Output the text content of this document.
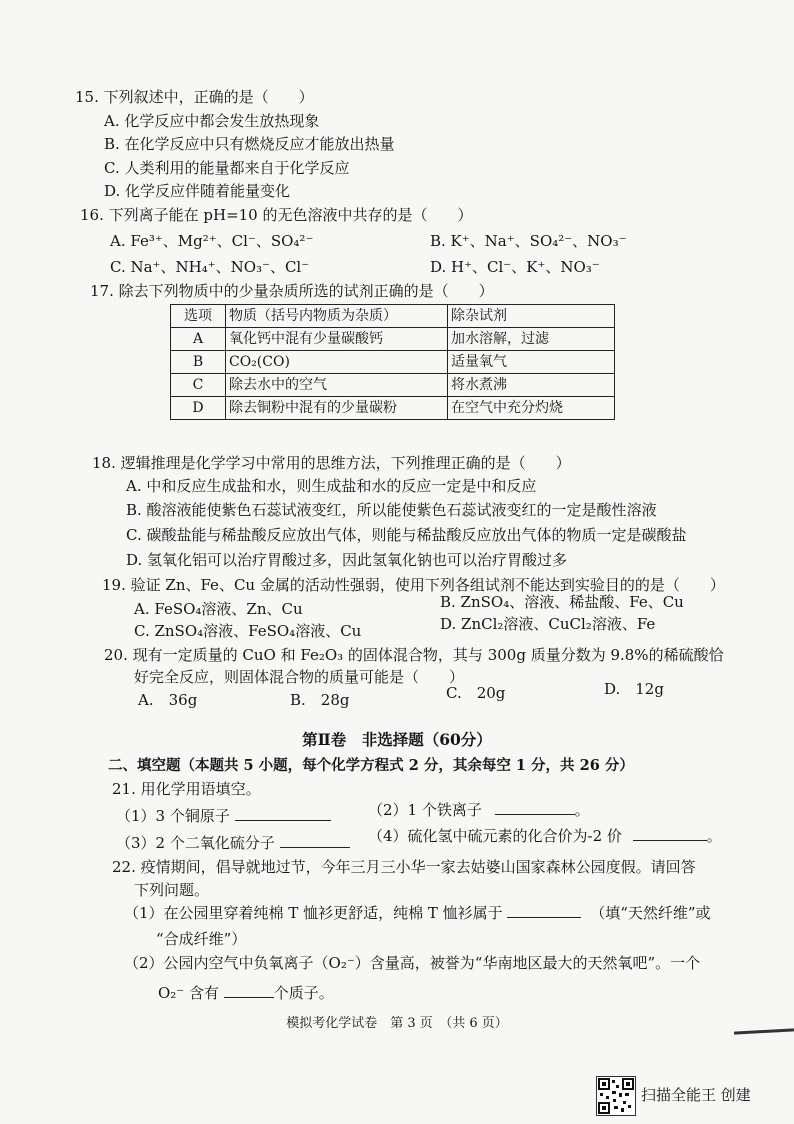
15. 下列叙述中，正确的是（　　）
A. 化学反应中都会发生放热现象
B. 在化学反应中只有燃烧反应才能放出热量
C. 人类利用的能量都来自于化学反应
D. 化学反应伴随着能量变化
16. 下列离子能在 pH=10 的无色溶液中共存的是（　　）
A. Fe³⁺、Mg²⁺、Cl⁻、SO₄²⁻	B. K⁺、Na⁺、SO₄²⁻、NO₃⁻
C. Na⁺、NH₄⁺、NO₃⁻、Cl⁻	D. H⁺、Cl⁻、K⁺、NO₃⁻
17. 除去下列物质中的少量杂质所选的试剂正确的是（　　）
选项	物质（括号内物质为杂质）	除杂试剂
A	氧化钙中混有少量碳酸钙	加水溶解，过滤
B	CO₂(CO)	适量氧气
C	除去水中的空气	将水煮沸
D	除去铜粉中混有的少量碳粉	在空气中充分灼烧
18. 逻辑推理是化学学习中常用的思维方法，下列推理正确的是（　　）
A. 中和反应生成盐和水，则生成盐和水的反应一定是中和反应
B. 酸溶液能使紫色石蕊试液变红，所以能使紫色石蕊试液变红的一定是酸性溶液
C. 碳酸盐能与稀盐酸反应放出气体，则能与稀盐酸反应放出气体的物质一定是碳酸盐
D. 氢氧化铝可以治疗胃酸过多，因此氢氧化钠也可以治疗胃酸过多
19. 验证 Zn、Fe、Cu 金属的活动性强弱，使用下列各组试剂不能达到实验目的的是（　　）
A. FeSO₄溶液、Zn、Cu	B. ZnSO₄、溶液、稀盐酸、Fe、Cu
C. ZnSO₄溶液、FeSO₄溶液、Cu	D. ZnCl₂溶液、CuCl₂溶液、Fe
20. 现有一定质量的 CuO 和 Fe₂O₃ 的固体混合物，其与 300g 质量分数为 9.8%的稀硫酸恰
好完全反应，则固体混合物的质量可能是（　　）
A.　36g	B.　28g	C.　20g	D.　12g
第Ⅱ卷　非选择题（60分）
二、填空题（本题共 5 小题，每个化学方程式 2 分，其余每空 1 分，共 26 分）
21. 用化学用语填空。
（1）3 个铜原子	（2）1 个铁离子	。
（3）2 个二氧化硫分子	（4）硫化氢中硫元素的化合价为-2 价	。
22. 疫情期间，倡导就地过节，今年三月三小华一家去姑婆山国家森林公园度假。请回答
下列问题。
（1）在公园里穿着纯棉 T 恤衫更舒适，纯棉 T 恤衫属于	（填“天然纤维”或
“合成纤维”）
（2）公园内空气中负氧离子（O₂⁻）含量高，被誉为“华南地区最大的天然氧吧”。一个
O₂⁻ 含有	个质子。
模拟考化学试卷　第 3 页　（共 6 页）
扫描全能王 创建
